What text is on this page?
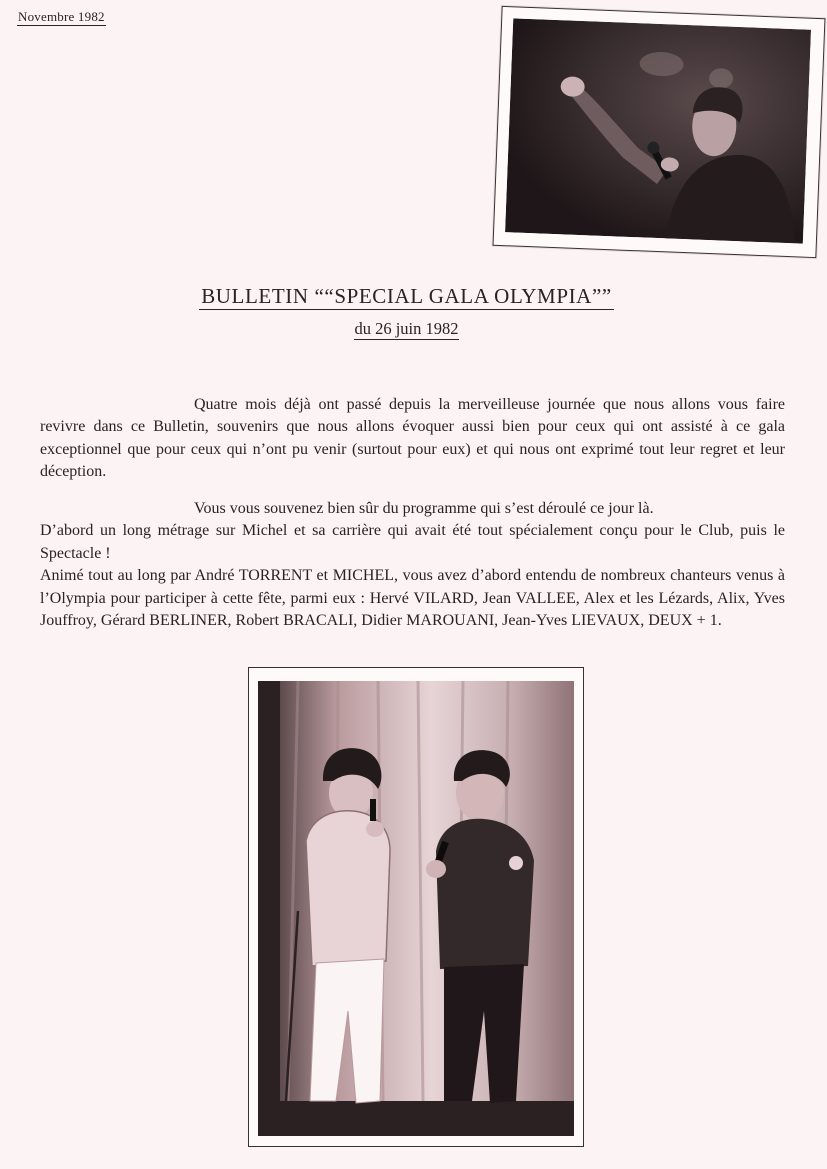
Novembre 1982
BULLETIN ““SPECIAL GALA OLYMPIA””
du 26 juin 1982

Quatre mois déjà ont passé depuis la merveilleuse journée que nous allons vous faire revivre dans ce Bulletin, souvenirs que nous allons évoquer aussi bien pour ceux qui ont assisté à ce gala exceptionnel que pour ceux qui n’ont pu venir (surtout pour eux) et qui nous ont exprimé tout leur regret et leur déception.

Vous vous souvenez bien sûr du programme qui s’est déroulé ce jour là.

D’abord un long métrage sur Michel et sa carrière qui avait été tout spécialement conçu pour le Club, puis le Spectacle !

Animé tout au long par André TORRENT et MICHEL, vous avez d’abord entendu de nombreux chanteurs venus à l’Olympia pour participer à cette fête, parmi eux : Hervé VILARD, Jean VALLEE, Alex et les Lézards, Alix, Yves Jouffroy, Gérard BERLINER, Robert BRACALI, Didier MAROUANI, Jean-Yves LIEVAUX, DEUX + 1.
